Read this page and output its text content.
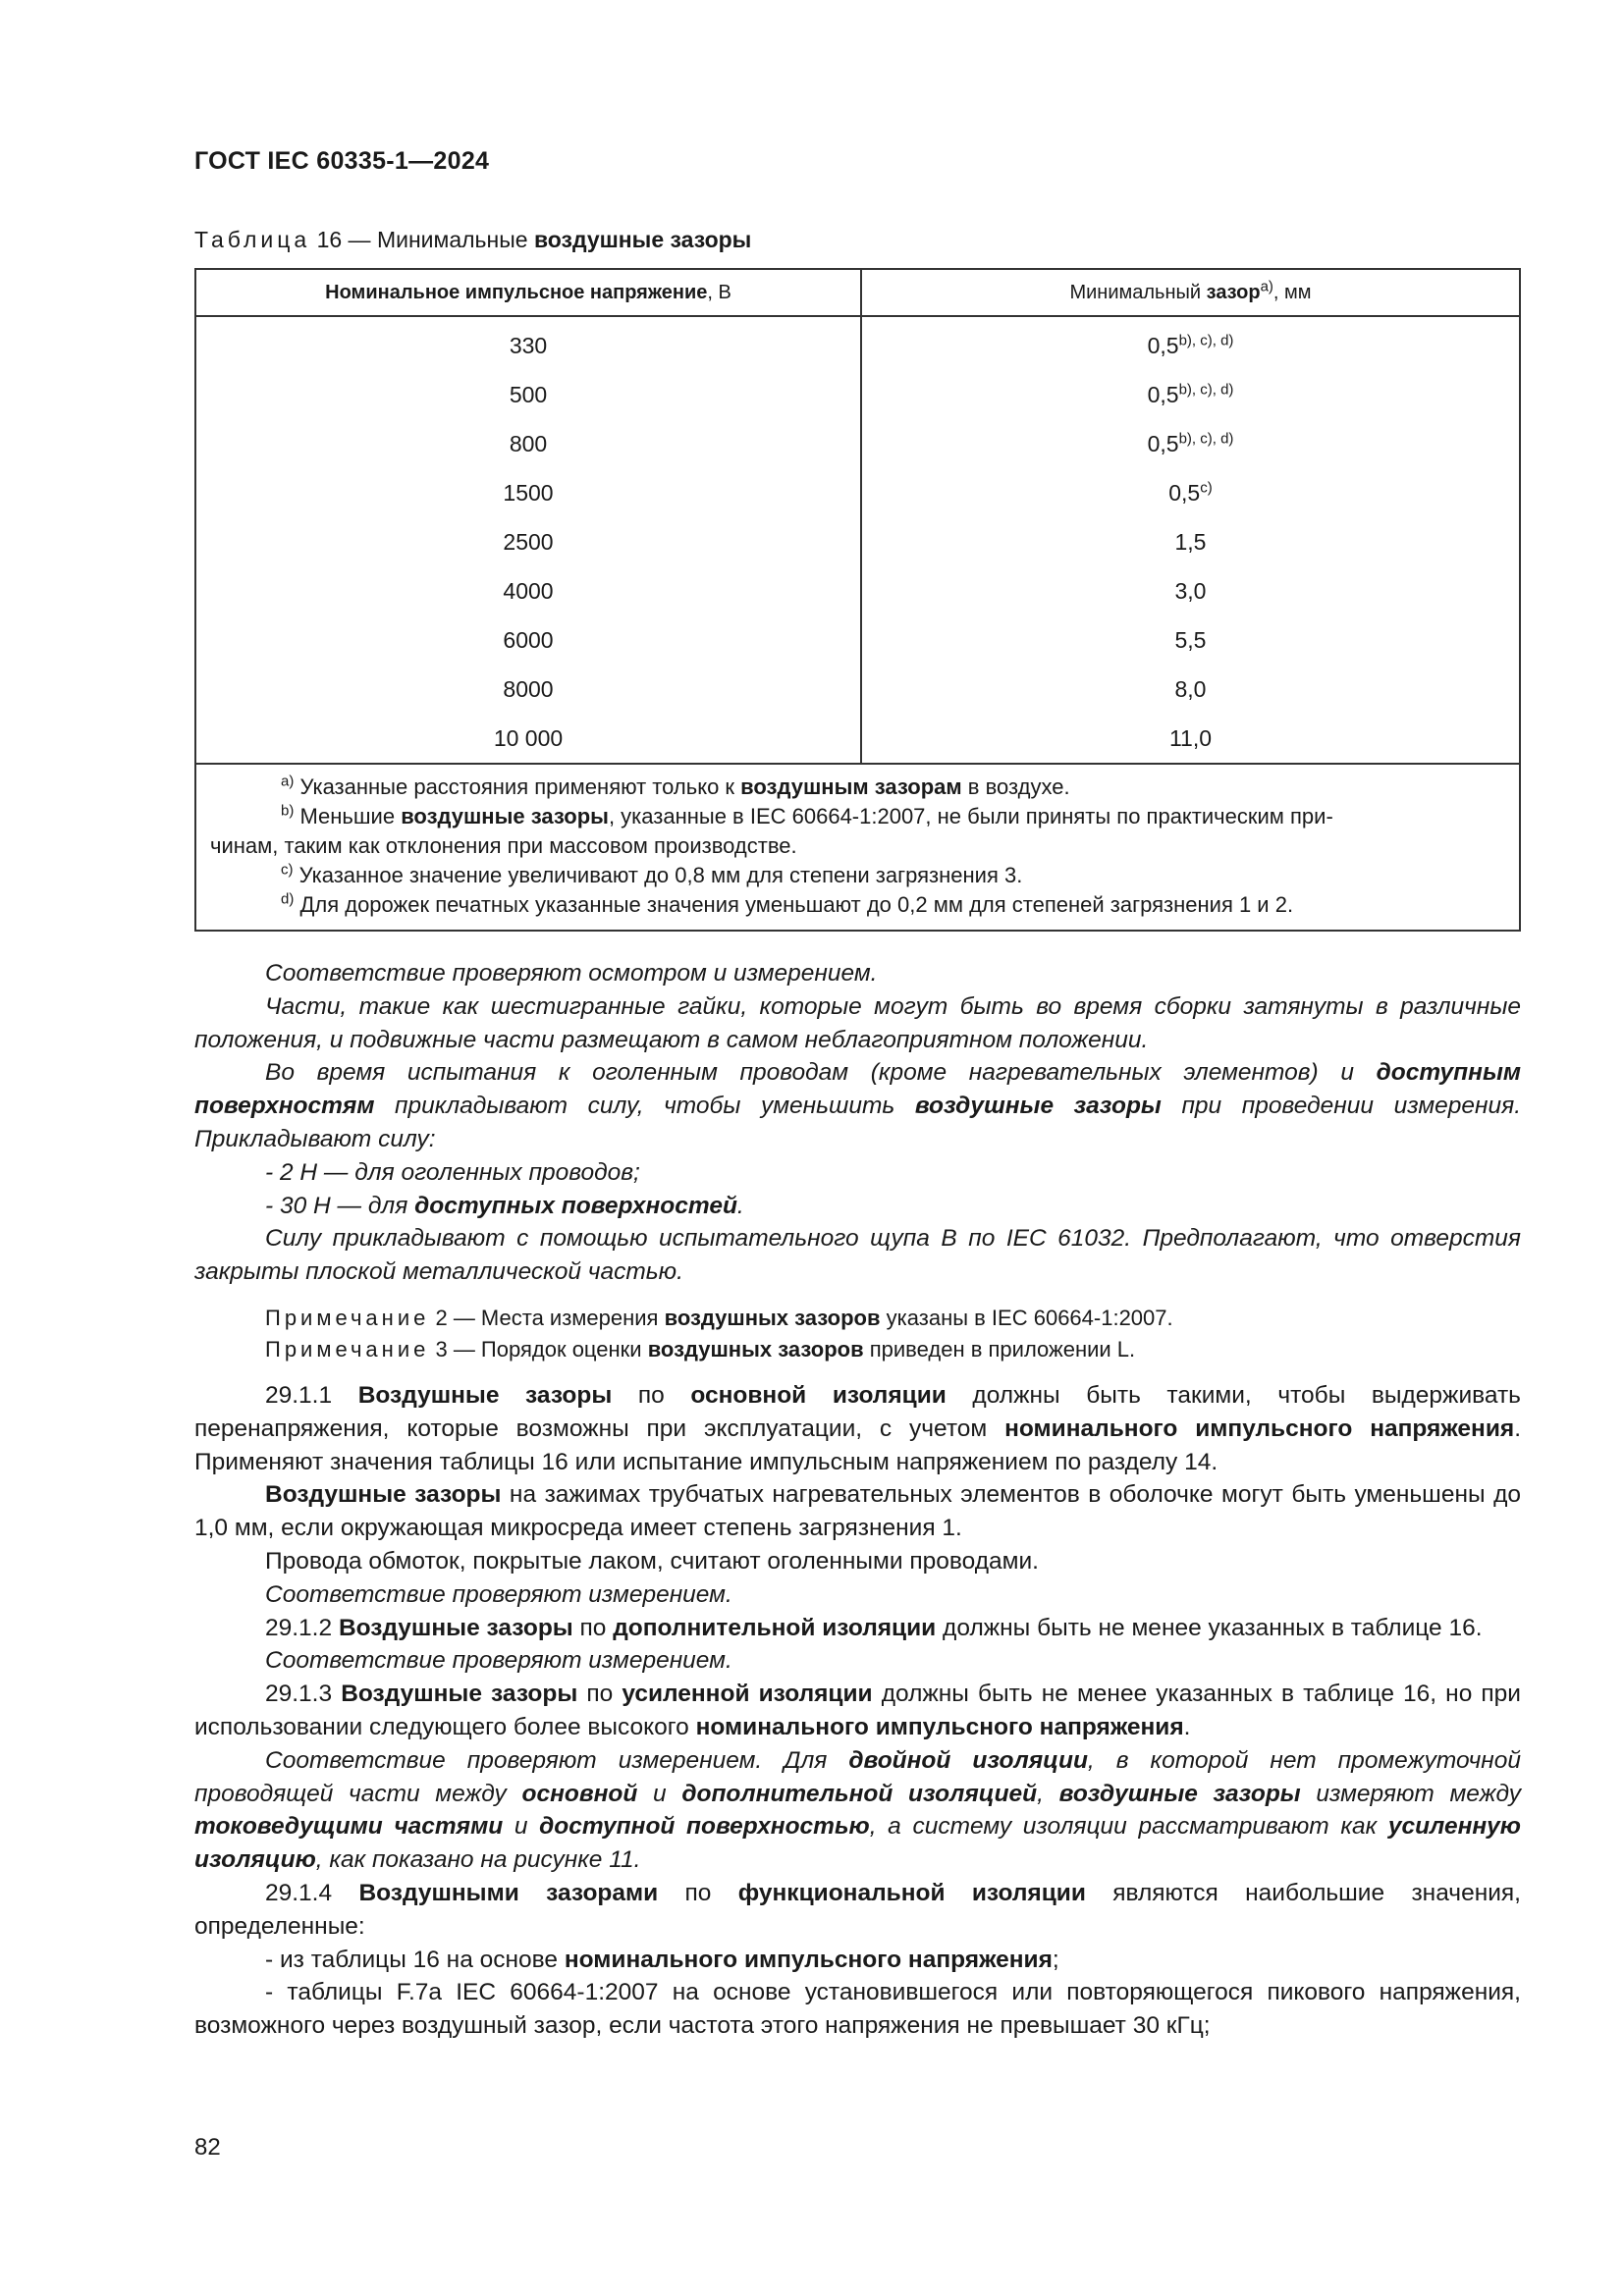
ГОСТ IEC 60335-1—2024
Таблица 16 — Минимальные воздушные зазоры
Номинальное импульсное напряжение, В	Минимальный зазор$^{а)}$, мм
330	$0,5^{b), c), d)}$
500	$0,5^{b), c), d)}$
800	$0,5^{b), c), d)}$
1500	0,5$^{c)}$
2500	1,5
4000	3,0
6000	5,5
8000	8,0
10 000	11,0

$^{a)}$ Указанные расстояния применяют только к воздушным зазорам в воздухе.
$^{b)}$ Меньшие воздушные зазоры, указанные в IEC 60664-1:2007, не были приняты по практическим при-
чинам, таким как отклонения при массовом производстве.
$^{c)}$ Указанное значение увеличивают до 0,8 мм для степени загрязнения 3.
$^{d)}$ Для дорожек печатных указанные значения уменьшают до 0,2 мм для степеней загрязнения 1 и 2.	

Соответствие проверяют осмотром и измерением.

Части, такие как шестигранные гайки, которые могут быть во время сборки затянуты в различные положения, и подвижные части размещают в самом неблагоприятном положении.

Во время испытания к оголенным проводам (кроме нагревательных элементов) и доступным поверхностям прикладывают силу, чтобы уменьшить воздушные зазоры при проведении измерения. Прикладывают силу:

- 2 Н — для оголенных проводов;

- 30 Н — для доступных поверхностей.

Силу прикладывают с помощью испытательного щупа В по IEC 61032. Предполагают, что отверстия закрыты плоской металлической частью.

Примечание 2 — Места измерения воздушных зазоров указаны в IEC 60664-1:2007.

Примечание 3 — Порядок оценки воздушных зазоров приведен в приложении L.

29.1.1 Воздушные зазоры по основной изоляции должны быть такими, чтобы выдерживать перенапряжения, которые возможны при эксплуатации, с учетом номинального импульсного напряжения. Применяют значения таблицы 16 или испытание импульсным напряжением по разделу 14.

Воздушные зазоры на зажимах трубчатых нагревательных элементов в оболочке могут быть уменьшены до 1,0 мм, если окружающая микросреда имеет степень загрязнения 1.

Провода обмоток, покрытые лаком, считают оголенными проводами.

Соответствие проверяют измерением.

29.1.2 Воздушные зазоры по дополнительной изоляции должны быть не менее указанных в таблице 16.

Соответствие проверяют измерением.

29.1.3 Воздушные зазоры по усиленной изоляции должны быть не менее указанных в таблице 16, но при использовании следующего более высокого номинального импульсного напряжения.

Соответствие проверяют измерением. Для двойной изоляции, в которой нет промежуточной проводящей части между основной и дополнительной изоляцией, воздушные зазоры измеряют между токоведущими частями и доступной поверхностью, а систему изоляции рассматривают как усиленную изоляцию, как показано на рисунке 11.

29.1.4 Воздушными зазорами по функциональной изоляции являются наибольшие значения, определенные:

- из таблицы 16 на основе номинального импульсного напряжения;

- таблицы F.7a IEC 60664-1:2007 на основе установившегося или повторяющегося пикового напряжения, возможного через воздушный зазор, если частота этого напряжения не превышает 30 кГц;

82
